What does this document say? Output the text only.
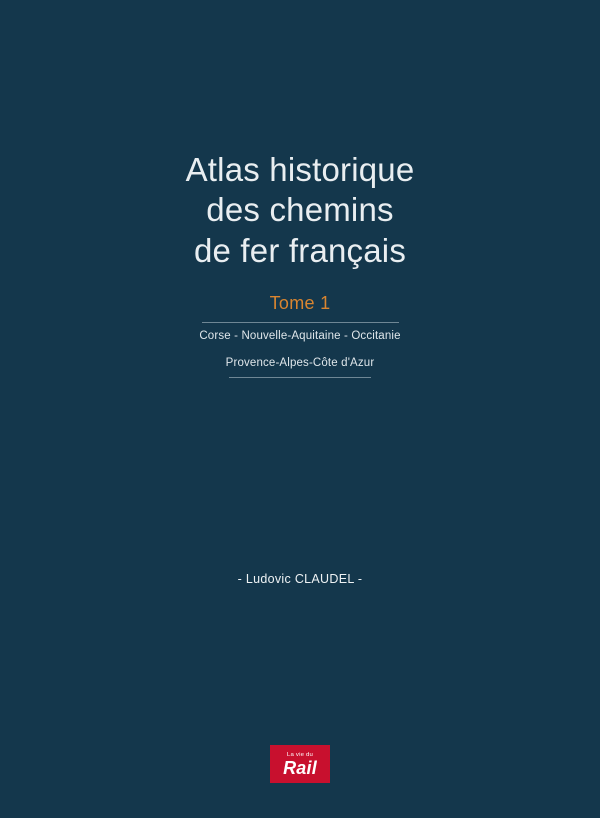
Atlas historique
des chemins
de fer français
Tome 1
Corse - Nouvelle-Aquitaine - Occitanie
Provence-Alpes-Côte d'Azur
- Ludovic CLAUDEL -
La vie du
Rail
